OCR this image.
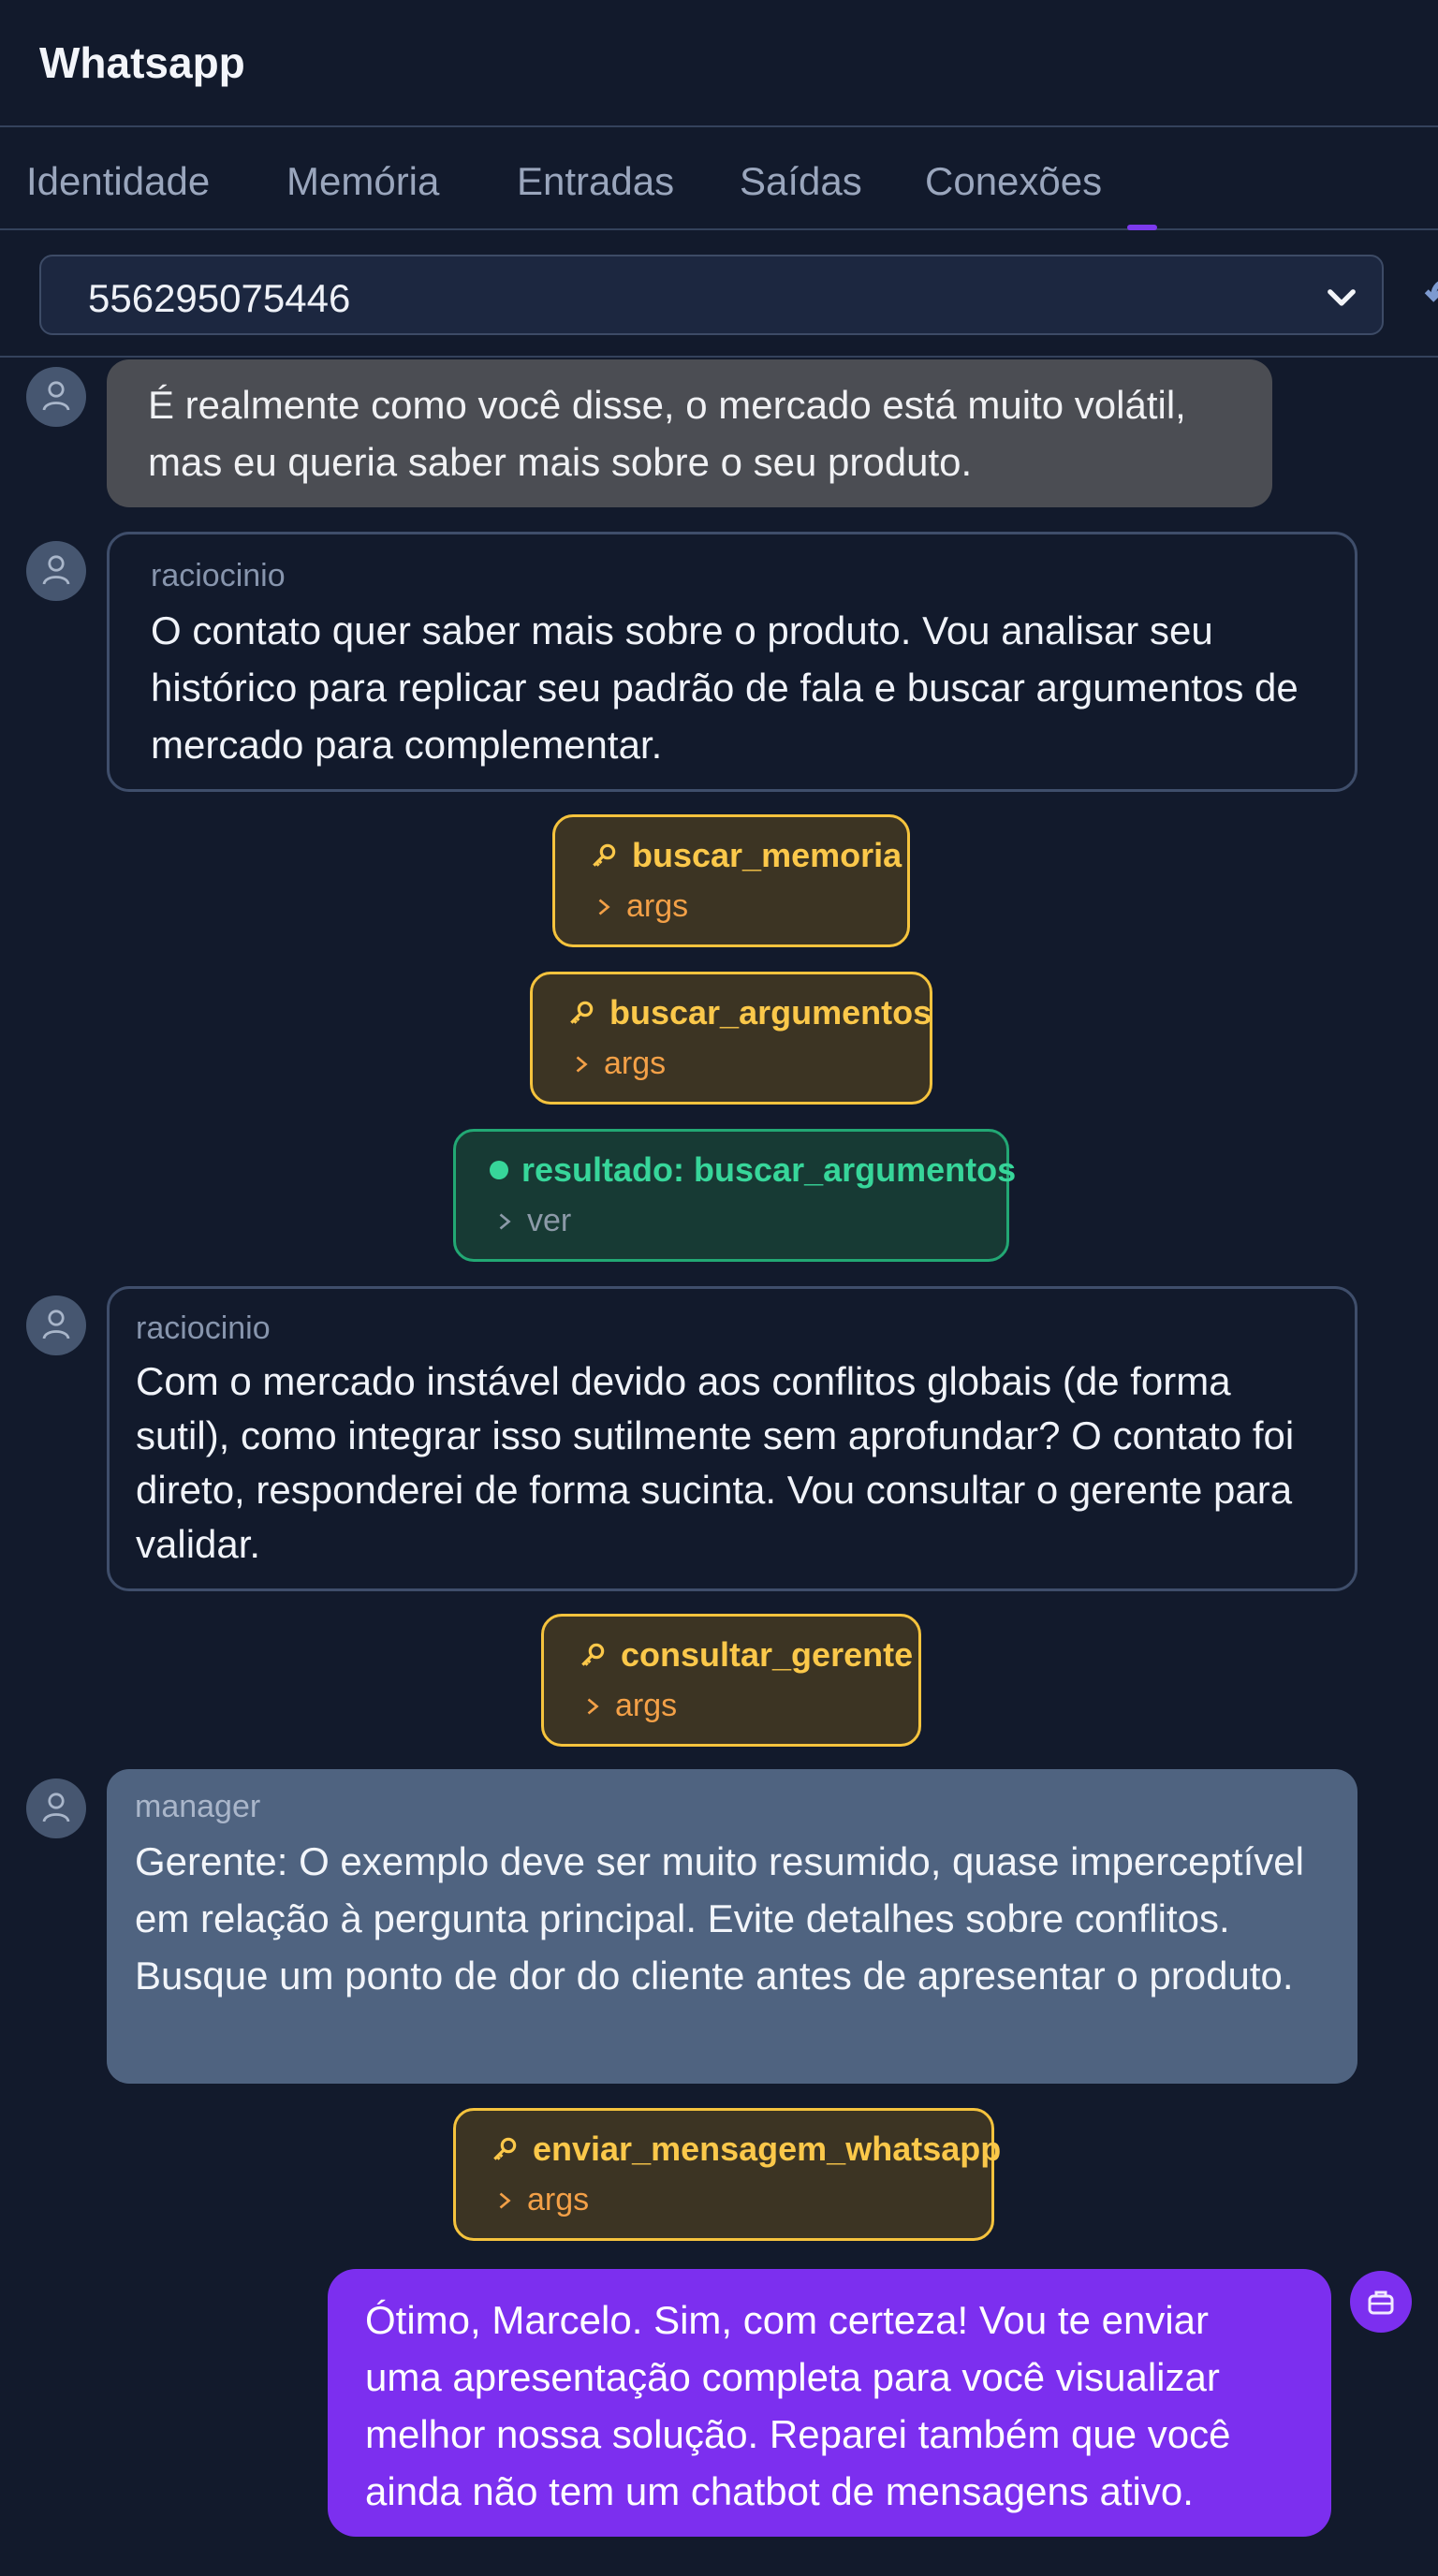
Whatsapp
Identidade Memória Entradas Saídas Conexões
556295075446
É realmente como você disse, o mercado está muito volátil, mas eu queria saber mais sobre o seu produto.
raciocinio
O contato quer saber mais sobre o produto. Vou analisar seu histórico para replicar seu padrão de fala e buscar argumentos de mercado para complementar.
buscar_memoria
args
buscar_argumentos
args
resultado: buscar_argumentos
ver
raciocinio
Com o mercado instável devido aos conflitos globais (de forma sutil), como integrar isso sutilmente sem aprofundar? O contato foi direto, responderei de forma sucinta. Vou consultar o gerente para validar.
consultar_gerente
args
manager
Gerente: O exemplo deve ser muito resumido, quase imperceptível em relação à pergunta principal. Evite detalhes sobre conflitos. Busque um ponto de dor do cliente antes de apresentar o produto.
enviar_mensagem_whatsapp
args
Ótimo, Marcelo. Sim, com certeza! Vou te enviar uma apresentação completa para você visualizar melhor nossa solução. Reparei também que você ainda não tem um chatbot de mensagens ativo.
